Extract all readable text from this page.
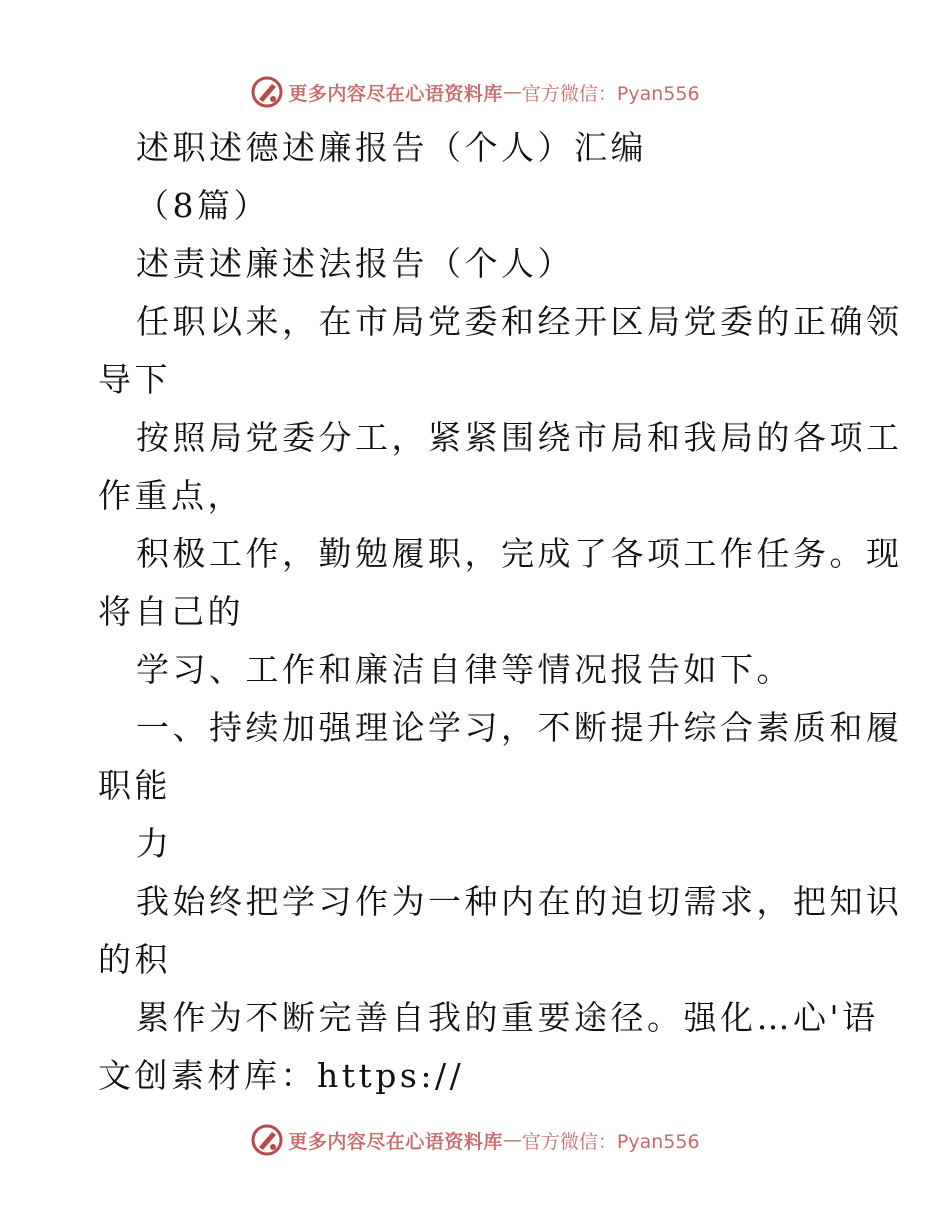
更多内容尽在心语资料库 — 官方微信：Pyan556
述职述德述廉报告（个人）汇编
（8篇）
述责述廉述法报告（个人）
任职以来，在市局党委和经开区局党委的正确领
导下
按照局党委分工，紧紧围绕市局和我局的各项工
作重点，
积极工作，勤勉履职，完成了各项工作任务。现
将自己的
学习、工作和廉洁自律等情况报告如下。
一、持续加强理论学习，不断提升综合素质和履
职能
力
我始终把学习作为一种内在的迫切需求，把知识
的积
累作为不断完善自我的重要途径。强化…心'语
文创素材库：https://
更多内容尽在心语资料库 — 官方微信：Pyan556
